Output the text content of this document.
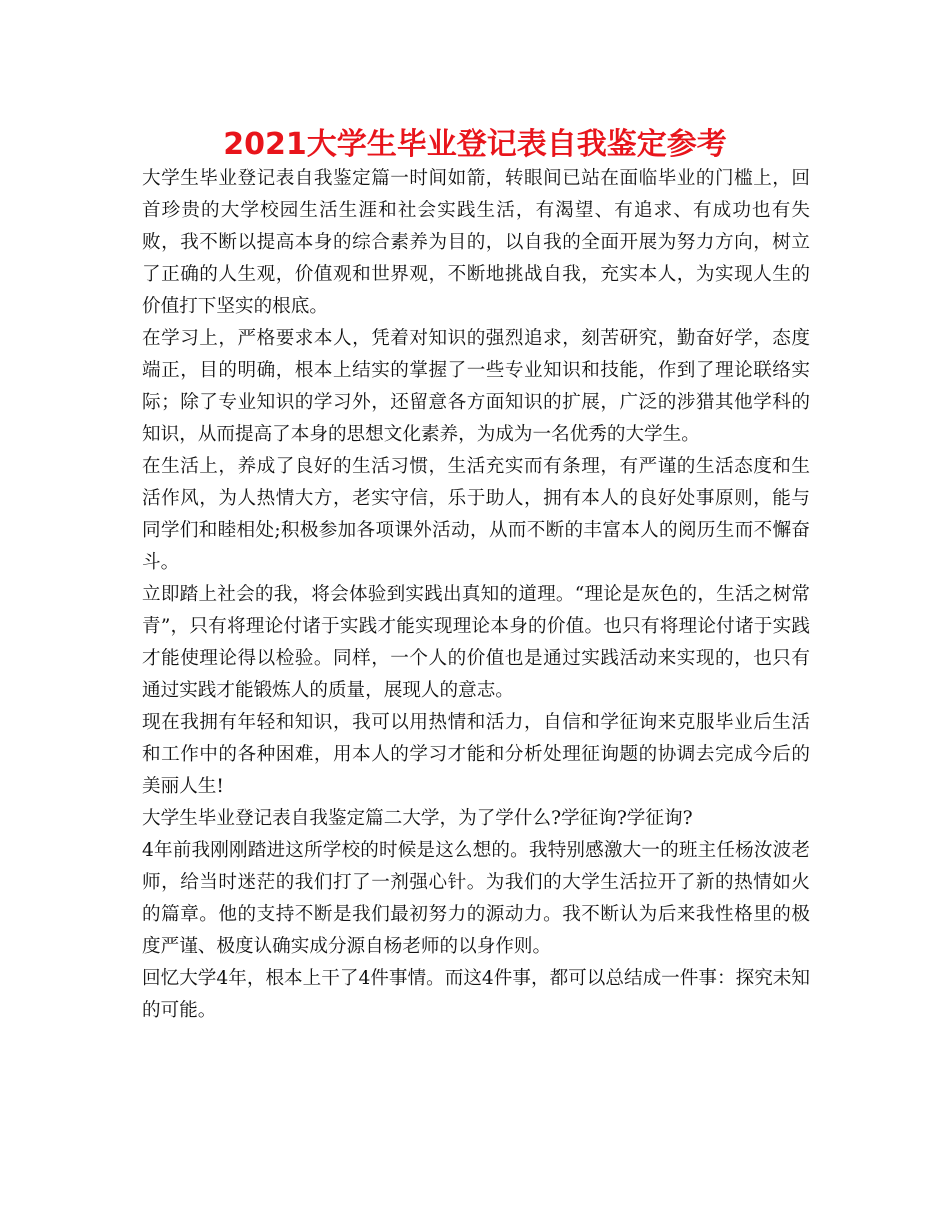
2021大学生毕业登记表自我鉴定参考

大学生毕业登记表自我鉴定篇一时间如箭，转眼间已站在面临毕业的门槛上，回首珍贵的大学校园生活生涯和社会实践生活，有渴望、有追求、有成功也有失败，我不断以提高本身的综合素养为目的，以自我的全面开展为努力方向，树立了正确的人生观，价值观和世界观，不断地挑战自我，充实本人，为实现人生的价值打下坚实的根底。

在学习上，严格要求本人，凭着对知识的强烈追求，刻苦研究，勤奋好学，态度端正，目的明确，根本上结实的掌握了一些专业知识和技能，作到了理论联络实际；除了专业知识的学习外，还留意各方面知识的扩展，广泛的涉猎其他学科的知识，从而提高了本身的思想文化素养，为成为一名优秀的大学生。

在生活上，养成了良好的生活习惯，生活充实而有条理，有严谨的生活态度和生活作风，为人热情大方，老实守信，乐于助人，拥有本人的良好处事原则，能与同学们和睦相处;积极参加各项课外活动，从而不断的丰富本人的阅历生而不懈奋斗。

立即踏上社会的我，将会体验到实践出真知的道理。“理论是灰色的，生活之树常青”，只有将理论付诸于实践才能实现理论本身的价值。也只有将理论付诸于实践才能使理论得以检验。同样，一个人的价值也是通过实践活动来实现的，也只有通过实践才能锻炼人的质量，展现人的意志。

现在我拥有年轻和知识，我可以用热情和活力，自信和学征询来克服毕业后生活和工作中的各种困难，用本人的学习才能和分析处理征询题的协调去完成今后的美丽人生!

大学生毕业登记表自我鉴定篇二大学，为了学什么?学征询?学征询?

4年前我刚刚踏进这所学校的时候是这么想的。我特别感激大一的班主任杨汝波老师，给当时迷茫的我们打了一剂强心针。为我们的大学生活拉开了新的热情如火的篇章。他的支持不断是我们最初努力的源动力。我不断认为后来我性格里的极度严谨、极度认确实成分源自杨老师的以身作则。

回忆大学4年，根本上干了4件事情。而这4件事，都可以总结成一件事：探究未知的可能。
